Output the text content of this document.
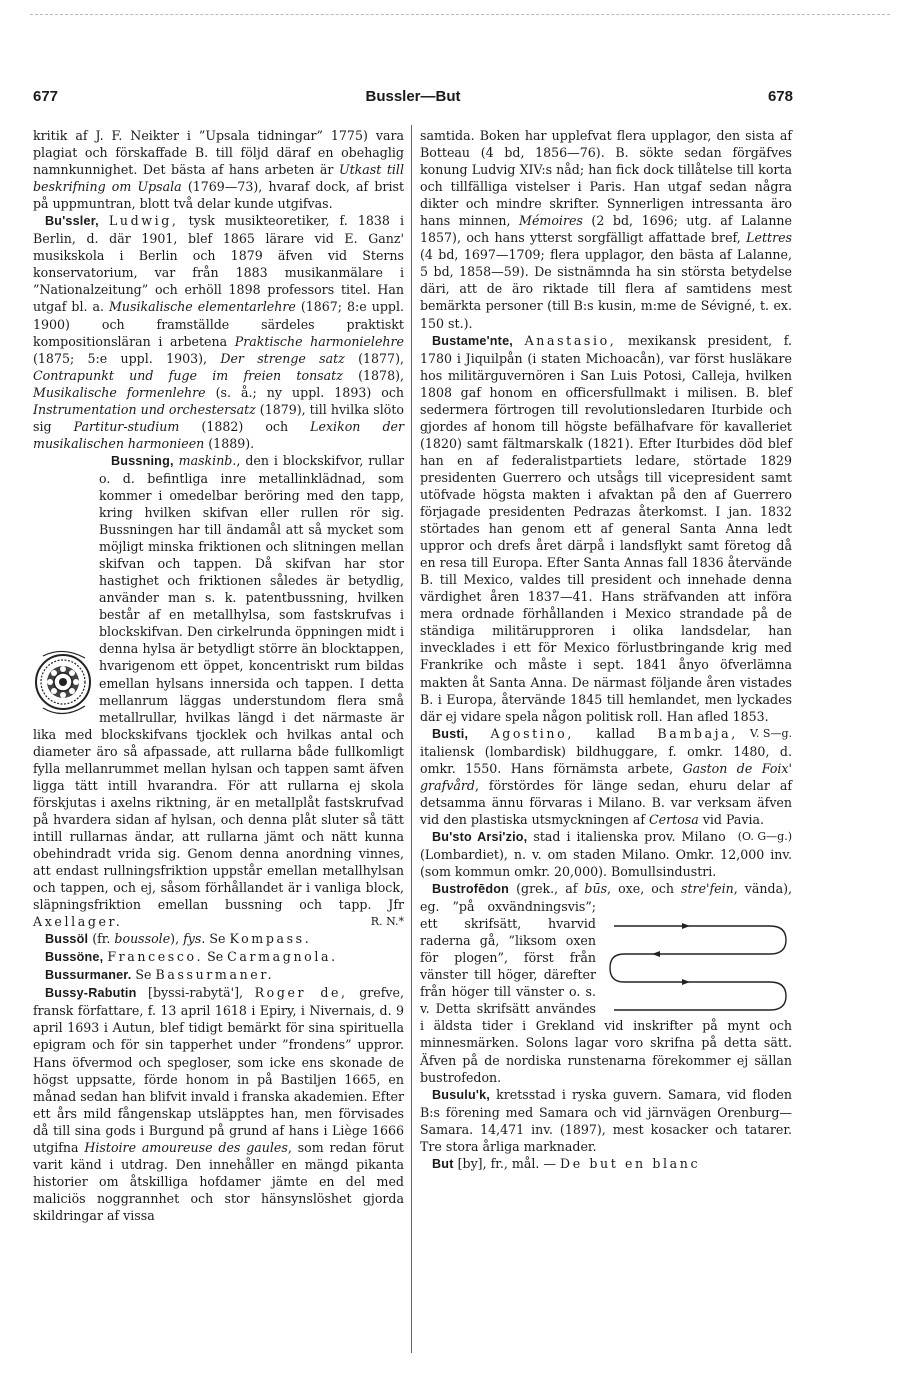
677	Bussler—But	678

kritik af J. F. Neikter i ”Upsala tidningar” 1775) vara plagiat och förskaffade B. till följd däraf en obehaglig namnkunnighet. Det bästa af hans arbeten är Utkast till beskrifning om Upsala (1769—73), hvaraf dock, af brist på uppmuntran, blott två delar kunde utgifvas.

Bu'ssler, Ludwig, tysk musikteoretiker, f. 1838 i Berlin, d. där 1901, blef 1865 lärare vid E. Ganz' musikskola i Berlin och 1879 äfven vid Sterns konservatorium, var från 1883 musikanmälare i ”Nationalzeitung” och erhöll 1898 professors titel. Han utgaf bl. a. Musikalische elementarlehre (1867; 8:e uppl. 1900) och framställde särdeles praktiskt kompositionsläran i arbetena Praktische harmonielehre (1875; 5:e uppl. 1903), Der strenge satz (1877), Contrapunkt und fuge im freien tonsatz (1878), Musikalische formenlehre (s. å.; ny uppl. 1893) och Instrumentation und orchestersatz (1879), till hvilka slöto sig Partitur-studium (1882) och Lexikon der musikalischen harmonieen (1889).

Bussning, maskinb.
, den i blockskifvor, rullar o. d. befintliga inre metallinklädnad, som kommer i omedelbar beröring med den tapp, kring hvilken skifvan eller rullen rör sig. Bussningen har till ändamål att så mycket som möjligt minska friktionen och slitningen mellan skifvan och tappen. Då skifvan har stor hastighet och friktionen således är betydlig, använder man s. k. patentbussning, hvilken består af en metallhylsa, som fastskrufvas i blockskifvan. Den cirkelrunda öppningen midt i denna hylsa är betydligt större än blocktappen, hvarigenom ett öppet, koncentriskt rum bildas emellan hylsans innersida och tappen. I detta mellanrum läggas understundom flera små metallrullar, hvilkas längd i det närmaste är lika med blockskifvans tjocklek och hvilkas antal och diameter äro så afpassade, att rullarna både fullkomligt fylla mellanrummet mellan hylsan och tappen samt äfven ligga tätt intill hvarandra. För att rullarna ej skola förskjutas i axelns riktning, är en metallplåt fastskrufvad på hvardera sidan af hylsan, och denna plåt sluter så tätt intill rullarnas ändar, att rullarna jämt och nätt kunna obehindradt vrida sig. Genom denna anordning vinnes, att endast rullningsfriktion uppstår emellan metallhylsan och tappen, och ej, såsom förhållandet är i vanliga block, släpningsfriktion emellan bussning och tapp. Jfr Axellager.	R. N.*

Bussöl (fr. boussole), fys. Se Kompass.

Bussöne, Francesco. Se Carmagnola.

Bussurmaner. Se Bassurmaner.

Bussy-Rabutin [byssi-rabytä'], Roger de, grefve, fransk författare, f. 13 april 1618 i Epiry, i Nivernais, d. 9 april 1693 i Autun, blef tidigt bemärkt för sina spirituella epigram och för sin tapperhet under ”frondens” uppror. Hans öfvermod och spegloser, som icke ens skonade de högst uppsatte, förde honom in på Bastiljen 1665, en månad sedan han blifvit invald i franska akademien. Efter ett års mild fångenskap utsläpptes han, men förvisades då till sina gods i Burgund på grund af hans i Liège 1666 utgifna Histoire amoureuse des gaules, som redan förut varit känd i utdrag. Den innehåller en mängd pikanta historier om åtskilliga hofdamer jämte en del med maliciös noggrannhet och stor hänsynslöshet gjorda skildringar af vissa

samtida. Boken har upplefvat flera upplagor, den sista af Botteau (4 bd, 1856—76). B. sökte sedan förgäfves konung Ludvig XIV:s nåd; han fick dock tillåtelse till korta och tillfälliga vistelser i Paris. Han utgaf sedan några dikter och mindre skrifter. Synnerligen intressanta äro hans minnen, Mémoires (2 bd, 1696; utg. af Lalanne 1857), och hans ytterst sorgfälligt affattade bref, Lettres (4 bd, 1697—1709; flera upplagor, den bästa af Lalanne, 5 bd, 1858—59). De sistnämnda ha sin största betydelse däri, att de äro riktade till flera af samtidens mest bemärkta personer (till B:s kusin, m:me de Sévigné, t. ex. 150 st.).

Bustame'nte, Anastasio, mexikansk president, f. 1780 i Jiquilpån (i staten Michoacån), var först husläkare hos militärguvernören i San Luis Potosi, Calleja, hvilken 1808 gaf honom en officersfullmakt i milisen. B. blef sedermera förtrogen till revolutionsledaren Iturbide och gjordes af honom till högste befälhafvare för kavalleriet (1820) samt fältmarskalk (1821). Efter Iturbides död blef han en af federalistpartiets ledare, störtade 1829 presidenten Guerrero och utsågs till vicepresident samt utöfvade högsta makten i afvaktan på den af Guerrero förjagade presidenten Pedrazas återkomst. I jan. 1832 störtades han genom ett af general Santa Anna ledt uppror och drefs året därpå i landsflykt samt företog då en resa till Europa. Efter Santa Annas fall 1836 återvände B. till Mexico, valdes till president och innehade denna värdighet åren 1837—41. Hans sträfvanden att införa mera ordnade förhållanden i Mexico strandade på de ständiga militärupproren i olika landsdelar, han invecklades i ett för Mexico förlustbringande krig med Frankrike och måste i sept. 1841 ånyo öfverlämna makten åt Santa Anna. De närmast följande åren vistades B. i Europa, återvände 1845 till hemlandet, men lyckades där ej vidare spela någon politisk roll. Han afled 1853.
V. S—g.

Busti, Agostino, kallad Bambaja, italiensk (lombardisk) bildhuggare, f. omkr. 1480, d. omkr. 1550. Hans förnämsta arbete, Gaston de Foix' grafvård, förstördes för länge sedan, ehuru delar af detsamma ännu förvaras i Milano. B. var verksam äfven vid den plastiska utsmyckningen af Certosa vid Pavia.
(O. G—g.)

Bu'sto Arsi'zio, stad i italienska prov. Milano (Lombardiet), n. v. om staden Milano. Omkr. 12,000 inv. (som kommun omkr. 20,000). Bomullsindustri.

Bustrofēdon (grek., af būs, oxe, och stre'fein
, vända), eg. ”på oxvändningsvis”; ett skrifsätt, hvarvid raderna gå, ”liksom oxen för plogen”, först från vänster till höger, därefter från höger till vänster o. s. v. Detta skrifsätt användes i äldsta tider i Grekland vid inskrifter på mynt och minnesmärken. Solons lagar voro skrifna på detta sätt. Äfven på de nordiska runstenarna förekommer ej sällan bustrofedon.

Busulu'k, kretsstad i ryska guvern. Samara, vid floden B:s förening med Samara och vid järnvägen Orenburg—Samara. 14,471 inv. (1897), mest kosacker och tatarer. Tre stora årliga marknader.

But [by], fr., mål. — De but en blanc
